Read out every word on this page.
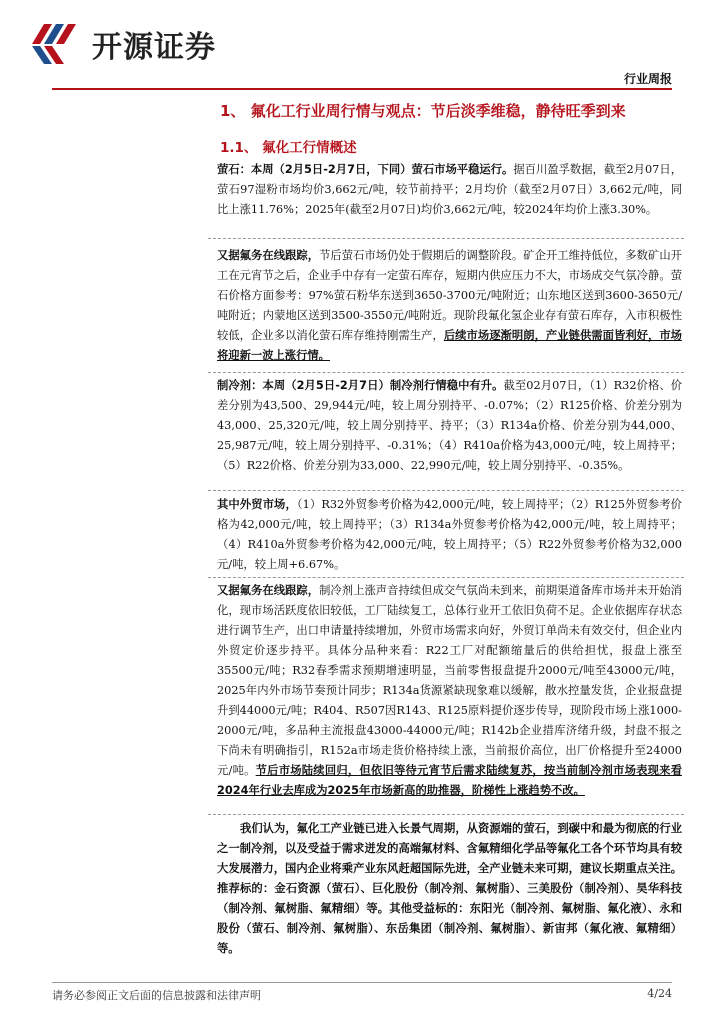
开源证券
行业周报
1、 氟化工行业周行情与观点：节后淡季维稳，静待旺季到来
1.1、 氟化工行情概述
萤石：本周（2月5日-2月7日，下同）萤石市场平稳运行。据百川盈孚数据，截至2月07日，萤石97湿粉市场均价3,662元/吨，较节前持平；2月均价（截至2月07日）3,662元/吨，同比上涨11.76%；2025年(截至2月07日)均价3,662元/吨，较2024年均价上涨3.30%。
又据氟务在线跟踪，节后萤石市场仍处于假期后的调整阶段。矿企开工维持低位，多数矿山开工在元宵节之后，企业手中存有一定萤石库存，短期内供应压力不大，市场成交气氛冷静。萤石价格方面参考：97%萤石粉华东送到3650-3700元/吨附近；山东地区送到3600-3650元/吨附近；内蒙地区送到3500-3550元/吨附近。现阶段氟化氢企业存有萤石库存，入市积极性较低，企业多以消化萤石库存维持刚需生产，后续市场逐渐明朗，产业链供需面皆利好，市场将迎新一波上涨行情。
制冷剂：本周（2月5日-2月7日）制冷剂行情稳中有升。截至02月07日，（1）R32价格、价差分别为43,500、29,944元/吨，较上周分别持平、-0.07%；（2）R125价格、价差分别为43,000、25,320元/吨，较上周分别持平、持平；（3）R134a价格、价差分别为44,000、25,987元/吨，较上周分别持平、-0.31%；（4）R410a价格为43,000元/吨，较上周持平；（5）R22价格、价差分别为33,000、22,990元/吨，较上周分别持平、-0.35%。
其中外贸市场，（1）R32外贸参考价格为42,000元/吨，较上周持平；（2）R125外贸参考价格为42,000元/吨，较上周持平；（3）R134a外贸参考价格为42,000元/吨，较上周持平；（4）R410a外贸参考价格为42,000元/吨，较上周持平；（5）R22外贸参考价格为32,000元/吨，较上周+6.67%。
又据氟务在线跟踪，制冷剂上涨声音持续但成交气氛尚未到来，前期渠道备库市场并未开始消化，现市场活跃度依旧较低，工厂陆续复工，总体行业开工依旧负荷不足。企业依据库存状态进行调节生产，出口申请量持续增加，外贸市场需求向好，外贸订单尚未有效交付，但企业内外贸定价逐步持平。具体分品种来看：R22工厂对配额缩量后的供给担忧，报盘上涨至35500元/吨；R32春季需求预期增速明显，当前零售报盘提升2000元/吨至43000元/吨，2025年内外市场节奏预计同步；R134a货源紧缺现象难以缓解，散水控量发货，企业报盘提升到44000元/吨；R404、R507因R143、R125原料提价逐步传导，现阶段市场上涨1000-2000元/吨，多品种主流报盘43000-44000元/吨；R142b企业措库济绪升级，封盘不报之下尚未有明确指引，R152a市场走货价格持续上涨，当前报价高位，出厂价格提升至24000元/吨。节后市场陆续回归，但依旧等待元宵节后需求陆续复苏，按当前制冷剂市场表现来看2024年行业去库成为2025年市场新高的助推器，阶梯性上涨趋势不改。
我们认为，氟化工产业链已进入长景气周期，从资源端的萤石，到碳中和最为彻底的行业之一制冷剂，以及受益于需求迸发的高端氟材料、含氟精细化学品等氟化工各个环节均具有较大发展潜力，国内企业将乘产业东风赶超国际先进，全产业链未来可期，建议长期重点关注。推荐标的：金石资源（萤石）、巨化股份（制冷剂、氟树脂）、三美股份（制冷剂）、昊华科技（制冷剂、氟树脂、氟精细）等。其他受益标的：东阳光（制冷剂、氟树脂、氟化液）、永和股份（萤石、制冷剂、氟树脂）、东岳集团（制冷剂、氟树脂）、新宙邦（氟化液、氟精细）等。
请务必参阅正文后面的信息披露和法律声明	4/24
